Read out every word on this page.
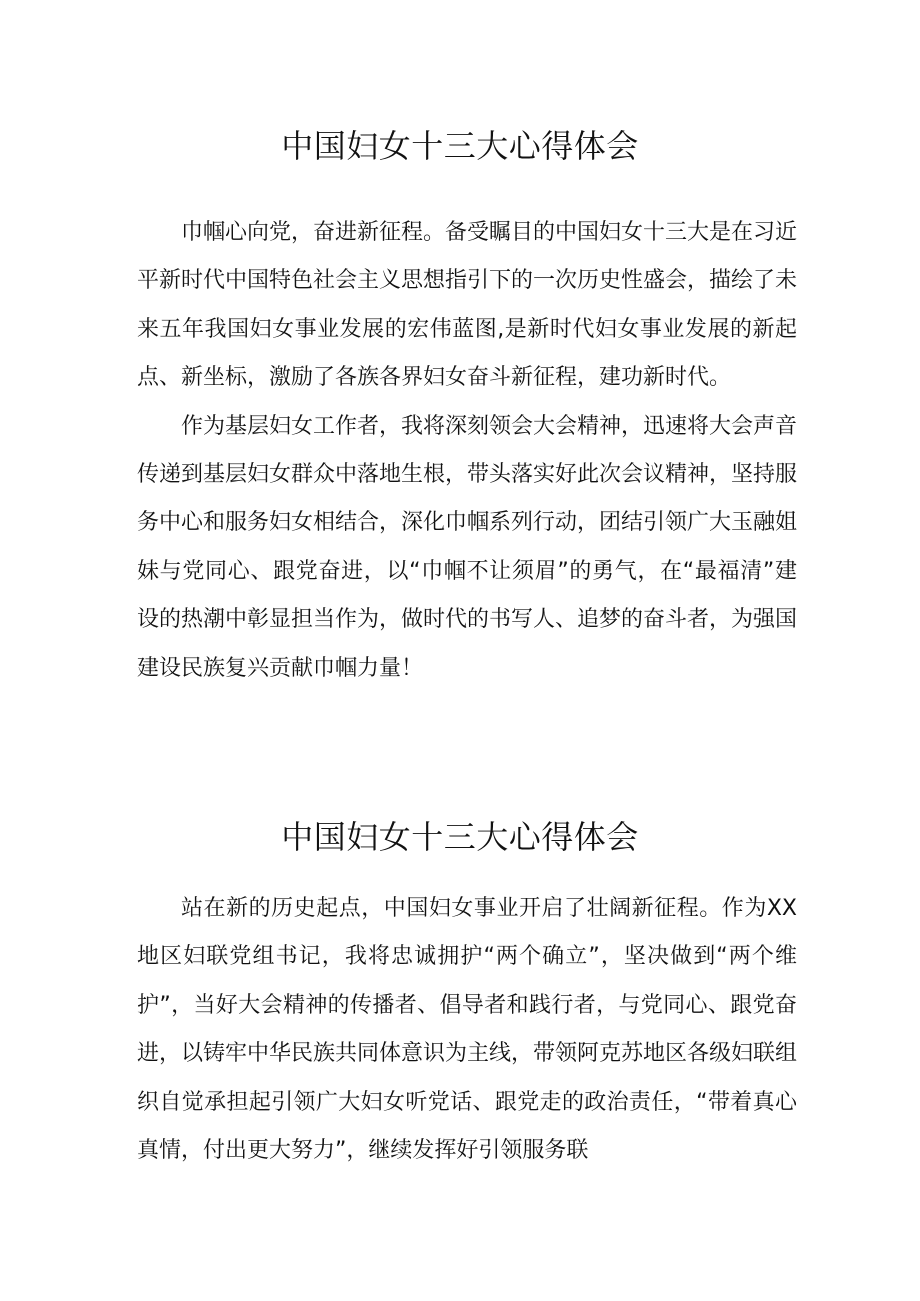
中国妇女十三大心得体会

巾帼心向党，奋进新征程。备受瞩目的中国妇女十三大是在习近平新时代中国特色社会主义思想指引下的一次历史性盛会，描绘了未来五年我国妇女事业发展的宏伟蓝图,是新时代妇女事业发展的新起点、新坐标，激励了各族各界妇女奋斗新征程，建功新时代。

作为基层妇女工作者，我将深刻领会大会精神，迅速将大会声音传递到基层妇女群众中落地生根，带头落实好此次会议精神，坚持服务中心和服务妇女相结合，深化巾帼系列行动，团结引领广大玉融姐妹与党同心、跟党奋进，以“巾帼不让须眉”的勇气，在“最福清”建设的热潮中彰显担当作为，做时代的书写人、追梦的奋斗者，为强国建设民族复兴贡献巾帼力量！

中国妇女十三大心得体会

站在新的历史起点，中国妇女事业开启了壮阔新征程。作为XX地区妇联党组书记，我将忠诚拥护“两个确立”，坚决做到“两个维护”，当好大会精神的传播者、倡导者和践行者，与党同心、跟党奋进，以铸牢中华民族共同体意识为主线，带领阿克苏地区各级妇联组织自觉承担起引领广大妇女听党话、跟党走的政治责任，“带着真心真情，付出更大努力”，继续发挥好引领服务联
